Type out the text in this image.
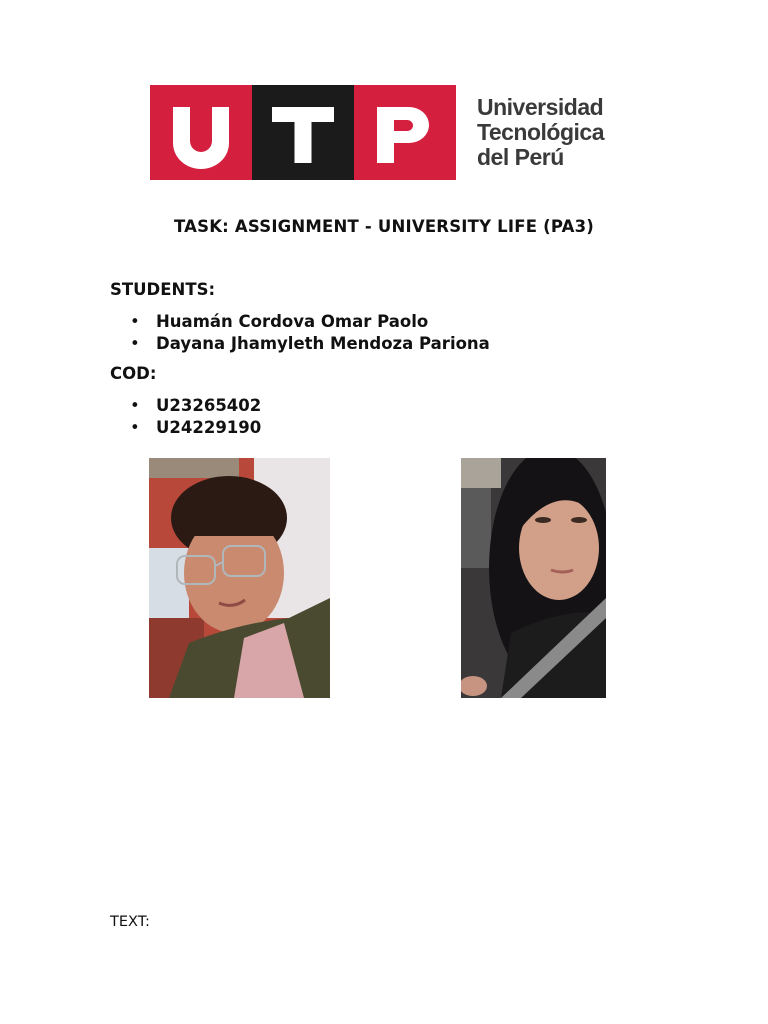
Universidad
Tecnológica
del Perú

TASK: ASSIGNMENT - UNIVERSITY LIFE (PA3)

STUDENTS:

• Huamán Cordova Omar Paolo
• Dayana Jhamyleth Mendoza Pariona

COD:

• U23265402
• U24229190

TEXT:
